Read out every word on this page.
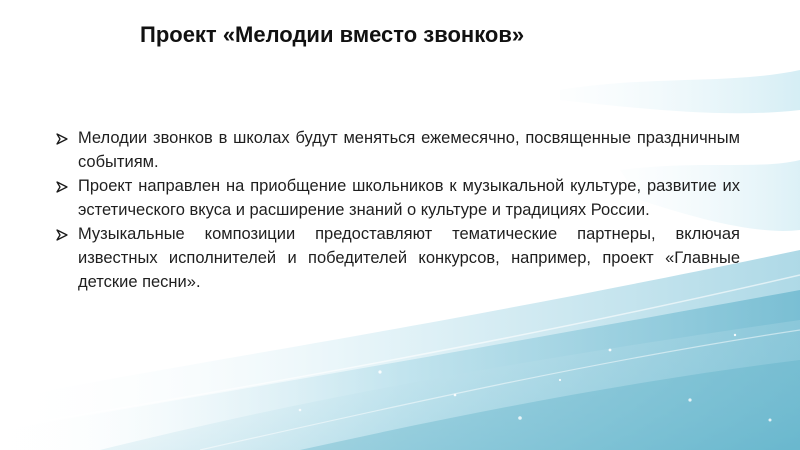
Проект «Мелодии вместо звонков»
Мелодии звонков в школах будут меняться ежемесячно, посвященные праздничным событиям.
Проект направлен на приобщение школьников к музыкальной культуре, развитие их эстетического вкуса и расширение знаний о культуре и традициях России.
Музыкальные композиции предоставляют тематические партнеры, включая известных исполнителей и победителей конкурсов, например, проект «Главные детские песни».
